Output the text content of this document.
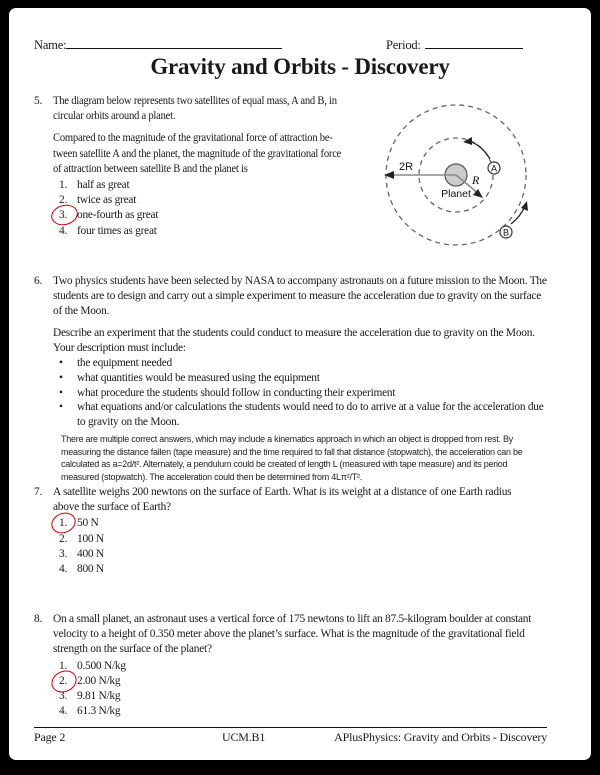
Name:	Period:
Gravity and Orbits - Discovery
5. The diagram below represents two satellites of equal mass, A and B, in
circular orbits around a planet.
Compared to the magnitude of the gravitational force of attraction be-
tween satellite A and the planet, the magnitude of the gravitational force
of attraction between satellite B and the planet is
1. half as great
2. twice as great
3. one-fourth as great
4. four times as great
2R
R
Planet
A
B
6. Two physics students have been selected by NASA to accompany astronauts on a future mission to the Moon. The
students are to design and carry out a simple experiment to measure the acceleration due to gravity on the surface
of the Moon.
Describe an experiment that the students could conduct to measure the acceleration due to gravity on the Moon.
Your description must include:
•	the equipment needed
•	what quantities would be measured using the equipment
•	what procedure the students should follow in conducting their experiment
•	what equations and/or calculations the students would need to do to arrive at a value for the acceleration due
to gravity on the Moon.
There are multiple correct answers, which may include a kinematics approach in which an object is dropped from rest. By
measuring the distance fallen (tape measure) and the time required to fall that distance (stopwatch), the acceleration can be
calculated as a=2d/t². Alternately, a pendulum could be created of length L (measured with tape measure) and its period
measured (stopwatch). The acceleration could then be determined from 4Lπ²/T².
7. A satellite weighs 200 newtons on the surface of Earth. What is its weight at a distance of one Earth radius
above the surface of Earth?
1. 50 N
2. 100 N
3. 400 N
4. 800 N
8. On a small planet, an astronaut uses a vertical force of 175 newtons to lift an 87.5-kilogram boulder at constant
velocity to a height of 0.350 meter above the planet’s surface. What is the magnitude of the gravitational field
strength on the surface of the planet?
1. 0.500 N/kg
2. 2.00 N/kg
3. 9.81 N/kg
4. 61.3 N/kg
Page 2	UCM.B1	APlusPhysics: Gravity and Orbits - Discovery
